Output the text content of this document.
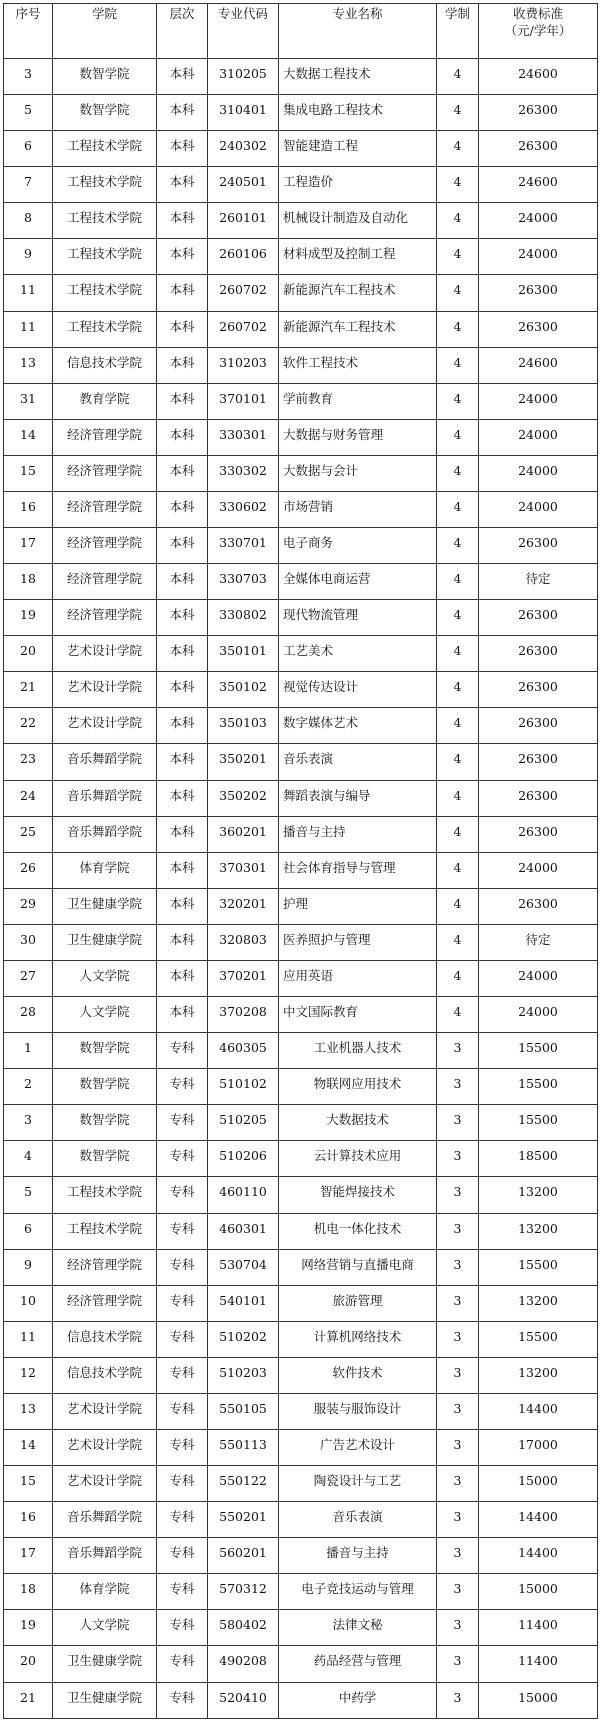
序号	学院	层次	专业代码	专业名称	学制	收费标准
（元/学年）

3	数智学院	本科	310205	大数据工程技术	4	24600
5	数智学院	本科	310401	集成电路工程技术	4	26300
6	工程技术学院	本科	240302	智能建造工程	4	26300
7	工程技术学院	本科	240501	工程造价	4	24600
8	工程技术学院	本科	260101	机械设计制造及自动化	4	24000
9	工程技术学院	本科	260106	材料成型及控制工程	4	24000
11	工程技术学院	本科	260702	新能源汽车工程技术	4	26300
11	工程技术学院	本科	260702	新能源汽车工程技术	4	26300
13	信息技术学院	本科	310203	软件工程技术	4	24600
31	教育学院	本科	370101	学前教育	4	24000
14	经济管理学院	本科	330301	大数据与财务管理	4	24000
15	经济管理学院	本科	330302	大数据与会计	4	24000
16	经济管理学院	本科	330602	市场营销	4	24000
17	经济管理学院	本科	330701	电子商务	4	26300
18	经济管理学院	本科	330703	全媒体电商运营	4	待定
19	经济管理学院	本科	330802	现代物流管理	4	26300
20	艺术设计学院	本科	350101	工艺美术	4	26300
21	艺术设计学院	本科	350102	视觉传达设计	4	26300
22	艺术设计学院	本科	350103	数字媒体艺术	4	26300
23	音乐舞蹈学院	本科	350201	音乐表演	4	26300
24	音乐舞蹈学院	本科	350202	舞蹈表演与编导	4	26300
25	音乐舞蹈学院	本科	360201	播音与主持	4	26300
26	体育学院	本科	370301	社会体育指导与管理	4	24000
29	卫生健康学院	本科	320201	护理	4	26300
30	卫生健康学院	本科	320803	医养照护与管理	4	待定
27	人文学院	本科	370201	应用英语	4	24000
28	人文学院	本科	370208	中文国际教育	4	24000
1	数智学院	专科	460305	工业机器人技术	3	15500
2	数智学院	专科	510102	物联网应用技术	3	15500
3	数智学院	专科	510205	大数据技术	3	15500
4	数智学院	专科	510206	云计算技术应用	3	18500
5	工程技术学院	专科	460110	智能焊接技术	3	13200
6	工程技术学院	专科	460301	机电一体化技术	3	13200
9	经济管理学院	专科	530704	网络营销与直播电商	3	15500
10	经济管理学院	专科	540101	旅游管理	3	13200
11	信息技术学院	专科	510202	计算机网络技术	3	15500
12	信息技术学院	专科	510203	软件技术	3	13200
13	艺术设计学院	专科	550105	服装与服饰设计	3	14400
14	艺术设计学院	专科	550113	广告艺术设计	3	17000
15	艺术设计学院	专科	550122	陶瓷设计与工艺	3	15000
16	音乐舞蹈学院	专科	550201	音乐表演	3	14400
17	音乐舞蹈学院	专科	560201	播音与主持	3	14400
18	体育学院	专科	570312	电子竞技运动与管理	3	15000
19	人文学院	专科	580402	法律文秘	3	11400
20	卫生健康学院	专科	490208	药品经营与管理	3	11400
21	卫生健康学院	专科	520410	中药学	3	15000
